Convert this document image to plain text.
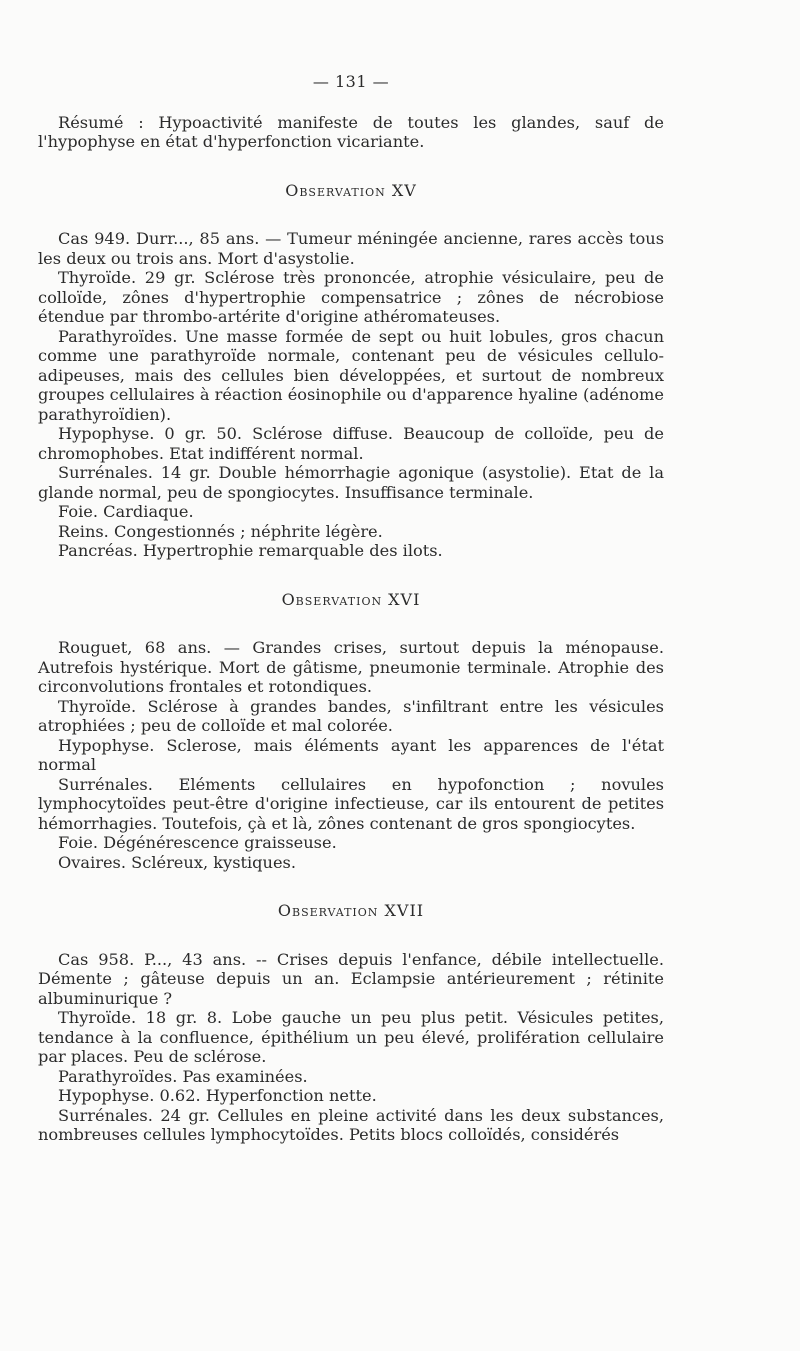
— 131 —

Résumé : Hypoactivité manifeste de toutes les glandes, sauf de l'hypophyse en état d'hyperfonction vicariante.

Observation XV

Cas 949. Durr..., 85 ans. — Tumeur méningée ancienne, rares accès tous les deux ou trois ans. Mort d'asystolie.

Thyroïde. 29 gr. Sclérose très prononcée, atrophie vésiculaire, peu de colloïde, zônes d'hypertrophie compensatrice ; zônes de nécrobiose étendue par thrombo-artérite d'origine athéromateuses.

Parathyroïdes. Une masse formée de sept ou huit lobules, gros chacun comme une parathyroïde normale, contenant peu de vésicules cellulo-adipeuses, mais des cellules bien développées, et surtout de nombreux groupes cellulaires à réaction éosinophile ou d'apparence hyaline (adénome parathyroïdien).

Hypophyse. 0 gr. 50. Sclérose diffuse. Beaucoup de colloïde, peu de chromophobes. Etat indifférent normal.

Surrénales. 14 gr. Double hémorrhagie agonique (asystolie). Etat de la glande normal, peu de spongiocytes. Insuffisance terminale.

Foie. Cardiaque.

Reins. Congestionnés ; néphrite légère.

Pancréas. Hypertrophie remarquable des ilots.

Observation XVI

Rouguet, 68 ans. — Grandes crises, surtout depuis la ménopause. Autrefois hystérique. Mort de gâtisme, pneumonie terminale. Atrophie des circonvolutions frontales et rotondiques.

Thyroïde. Sclérose à grandes bandes, s'infiltrant entre les vésicules atrophiées ; peu de colloïde et mal colorée.

Hypophyse. Sclerose, mais éléments ayant les apparences de l'état normal

Surrénales. Eléments cellulaires en hypofonction ; novules lymphocytoïdes peut-être d'origine infectieuse, car ils entourent de petites hémorrhagies. Toutefois, çà et là, zônes contenant de gros spongiocytes.

Foie. Dégénérescence graisseuse.

Ovaires. Scléreux, kystiques.

Observation XVII

Cas 958. P..., 43 ans. -- Crises depuis l'enfance, débile intellectuelle. Démente ; gâteuse depuis un an. Eclampsie antérieurement ; rétinite albuminurique ?

Thyroïde. 18 gr. 8. Lobe gauche un peu plus petit. Vésicules petites, tendance à la confluence, épithélium un peu élevé, prolifération cellulaire par places. Peu de sclérose.

Parathyroïdes. Pas examinées.

Hypophyse. 0.62. Hyperfonction nette.

Surrénales. 24 gr. Cellules en pleine activité dans les deux substances, nombreuses cellules lymphocytoïdes. Petits blocs colloïdés, considérés
